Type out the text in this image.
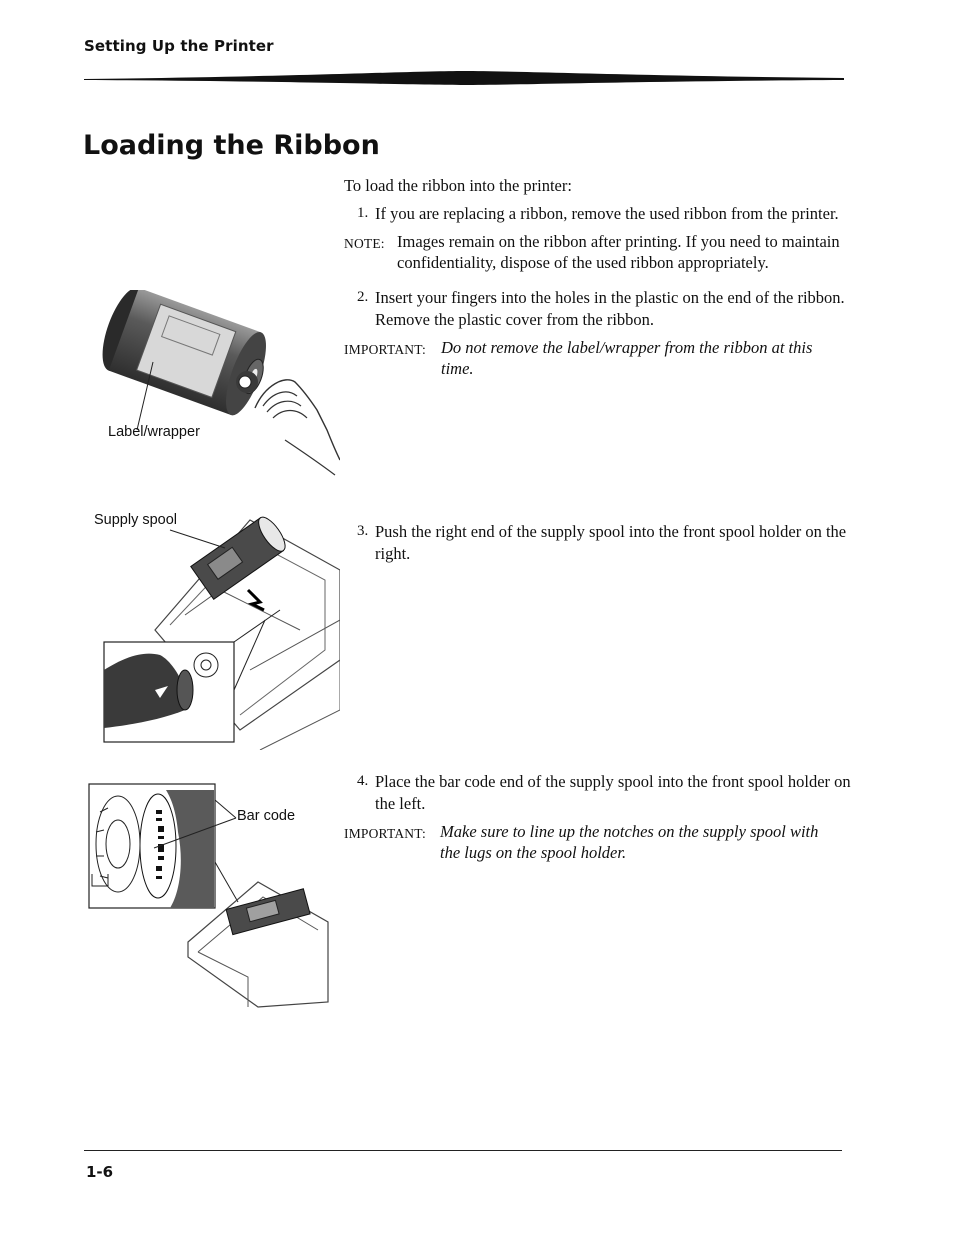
Setting Up the Printer
Loading the Ribbon
To load the ribbon into the printer:
1. If you are replacing a ribbon, remove the used ribbon from the printer.
NOTE: Images remain on the ribbon after printing. If you need to maintain
confidentiality, dispose of the used ribbon appropriately.
2. Insert your fingers into the holes in the plastic on the end of the ribbon.
Remove the plastic cover from the ribbon.
IMPORTANT: Do not remove the label/wrapper from the ribbon at this
time.
3. Push the right end of the supply spool into the front spool holder on the
right.
4. Place the bar code end of the supply spool into the front spool holder on
the left.
IMPORTANT: Make sure to line up the notches on the supply spool with
the lugs on the spool holder.
Label/wrapper
Supply spool
Bar code
1-6
